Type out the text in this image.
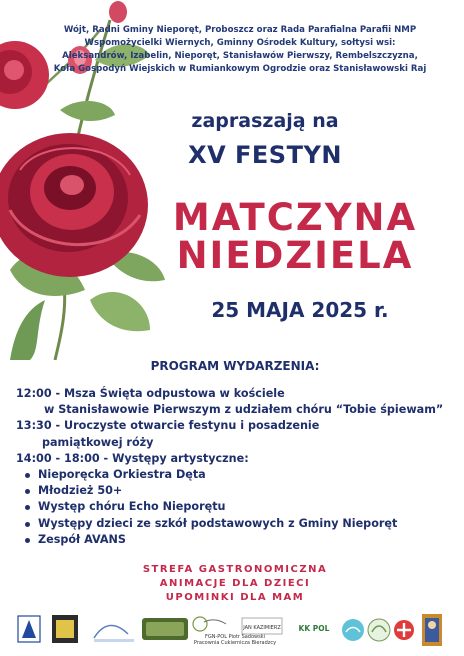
Wójt, Radni Gminy Nieporęt, Proboszcz oraz Rada Parafialna Parafii NMP
Wspomożycielki Wiernych, Gminny Ośrodek Kultury, sołtysi wsi:
Aleksandrów, Izabelin, Nieporęt, Stanisławów Pierwszy, Rembelszczyzna,
Koła Gospodyń Wiejskich w Rumiankowym Ogrodzie oraz Stanisławowski Raj
zapraszają na
XV FESTYN
MATCZYNA
NIEDZIELA
25 MAJA 2025 r.
PROGRAM WYDARZENIA:
12:00 - Msza Święta odpustowa w kościele
w Stanisławowie Pierwszym z udziałem chóru “Tobie śpiewam”
13:30 - Uroczyste otwarcie festynu i posadzenie
pamiątkowej róży
14:00 - 18:00 - Występy artystyczne:
Nieporęcka Orkiestra Dęta
Młodzież 50+
Występ chóru Echo Nieporętu
Występy dzieci ze szkół podstawowych z Gminy Nieporęt
Zespół AVANS
STREFA GASTRONOMICZNA
ANIMACJE DLA DZIECI
UPOMINKI DLA MAM
JAN KAZIMIERZ KK POL
FGN-POL Piotr Sadowski
Pracownia Cukiernicza Bieradzcy
